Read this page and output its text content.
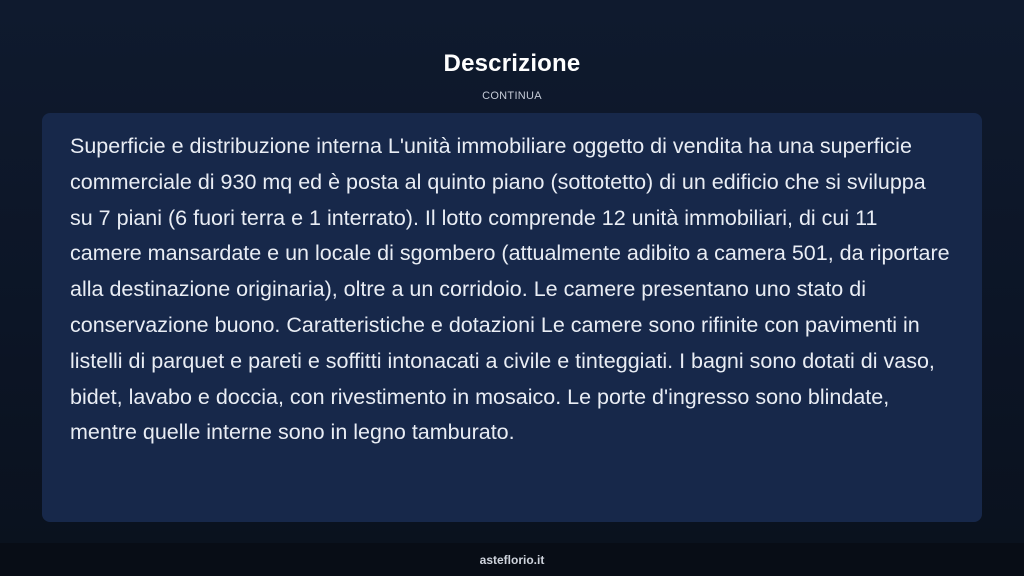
Descrizione
CONTINUA

Superficie e distribuzione interna L'unità immobiliare oggetto di vendita ha una superficie commerciale di 930 mq ed è posta al quinto piano (sottotetto) di un edificio che si sviluppa su 7 piani (6 fuori terra e 1 interrato). Il lotto comprende 12 unità immobiliari, di cui 11 camere mansardate e un locale di sgombero (attualmente adibito a camera 501, da riportare alla destinazione originaria), oltre a un corridoio. Le camere presentano uno stato di conservazione buono. Caratteristiche e dotazioni Le camere sono rifinite con pavimenti in listelli di parquet e pareti e soffitti intonacati a civile e tinteggiati. I bagni sono dotati di vaso, bidet, lavabo e doccia, con rivestimento in mosaico. Le porte d'ingresso sono blindate, mentre quelle interne sono in legno tamburato.

asteflorio.it
